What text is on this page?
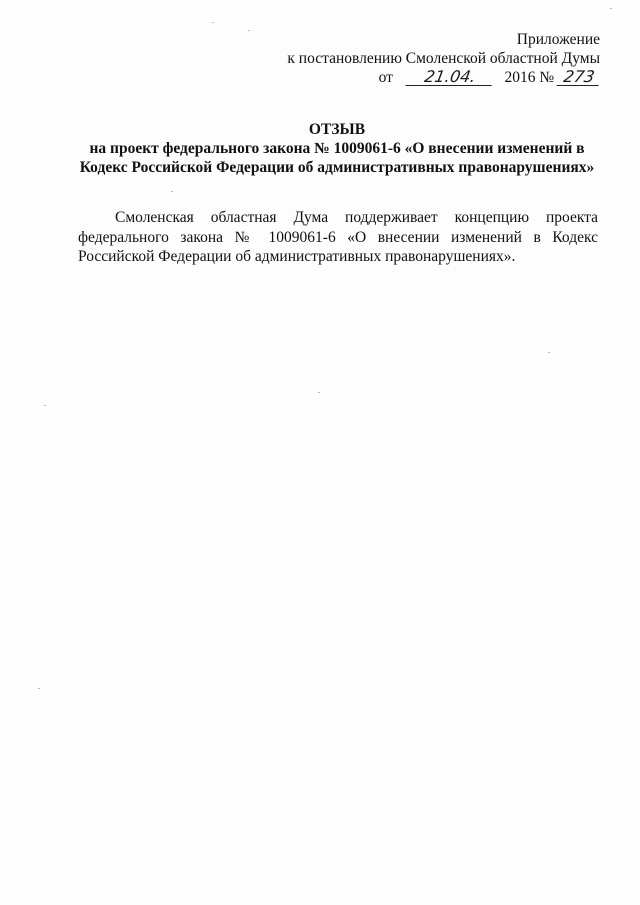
Приложение
к постановлению Смоленской областной Думы
от 21.04. 2016 № 273
ОТЗЫВ
на проект федерального закона № 1009061-6 «О внесении изменений в
Кодекс Российской Федерации об административных правонарушениях»
Смоленская областная Дума поддерживает концепцию проекта федерального закона № 1009061-6 «О внесении изменений в Кодекс Российской Федерации об административных правонарушениях».
